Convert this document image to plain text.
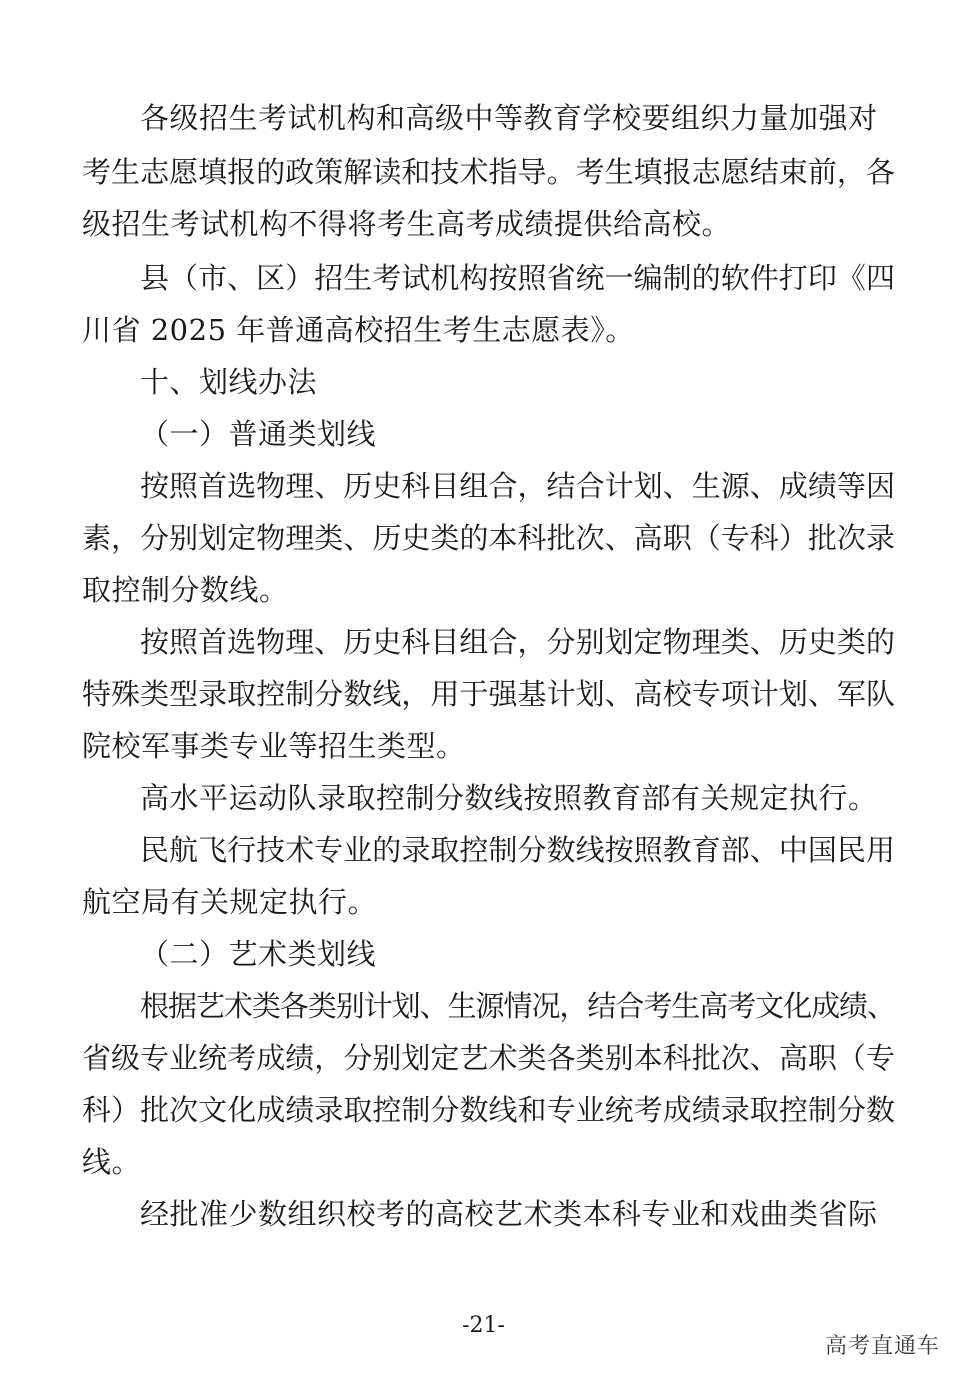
各级招生考试机构和高级中等教育学校要组织力量加强对
考生志愿填报的政策解读和技术指导。考生填报志愿结束前，各
级招生考试机构不得将考生高考成绩提供给高校。
县（市、区）招生考试机构按照省统一编制的软件打印《四
川省 2025 年普通高校招生考生志愿表》。
十、划线办法
（一）普通类划线
按照首选物理、历史科目组合，结合计划、生源、成绩等因
素，分别划定物理类、历史类的本科批次、高职（专科）批次录
取控制分数线。
按照首选物理、历史科目组合，分别划定物理类、历史类的
特殊类型录取控制分数线，用于强基计划、高校专项计划、军队
院校军事类专业等招生类型。
高水平运动队录取控制分数线按照教育部有关规定执行。
民航飞行技术专业的录取控制分数线按照教育部、中国民用
航空局有关规定执行。
（二）艺术类划线
根据艺术类各类别计划、生源情况，结合考生高考文化成绩、
省级专业统考成绩，分别划定艺术类各类别本科批次、高职（专
科）批次文化成绩录取控制分数线和专业统考成绩录取控制分数
线。
经批准少数组织校考的高校艺术类本科专业和戏曲类省际
-21-
高考直通车
